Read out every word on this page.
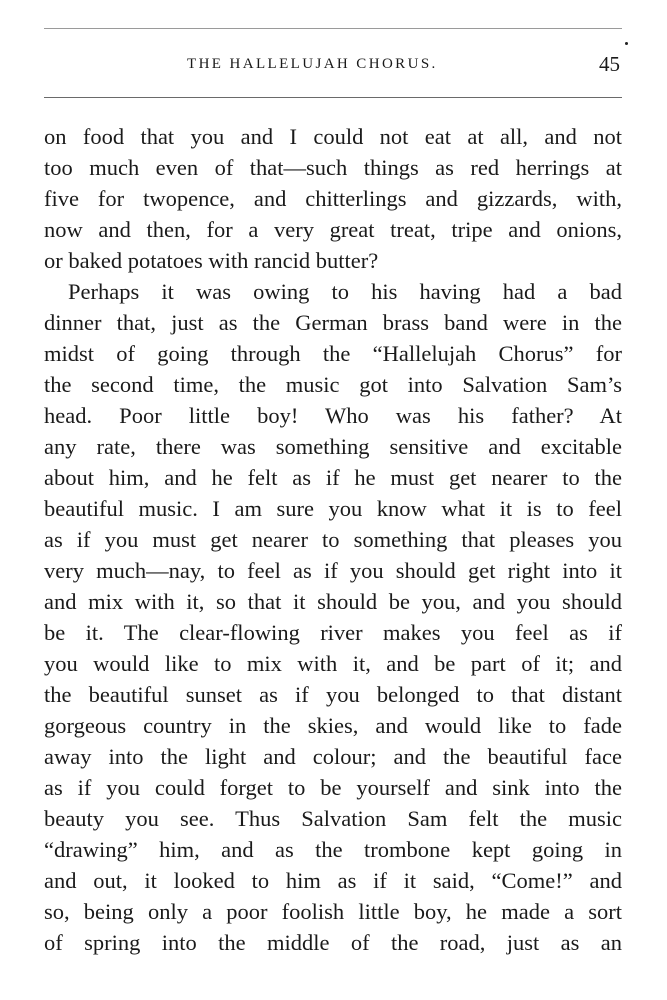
THE HALLELUJAH CHORUS.	45
on food that you and I could not eat at all, and not
too much even of that—such things as red herrings at
five for twopence, and chitterlings and gizzards, with,
now and then, for a very great treat, tripe and onions,
or baked potatoes with rancid butter?
Perhaps it was owing to his having had a bad
dinner that, just as the German brass band were in the
midst of going through the “Hallelujah Chorus” for
the second time, the music got into Salvation Sam’s
head. Poor little boy! Who was his father? At
any rate, there was something sensitive and excitable
about him, and he felt as if he must get nearer to the
beautiful music. I am sure you know what it is to feel
as if you must get nearer to something that pleases you
very much—nay, to feel as if you should get right into it
and mix with it, so that it should be you, and you should
be it. The clear-flowing river makes you feel as if
you would like to mix with it, and be part of it; and
the beautiful sunset as if you belonged to that distant
gorgeous country in the skies, and would like to fade
away into the light and colour; and the beautiful face
as if you could forget to be yourself and sink into the
beauty you see. Thus Salvation Sam felt the music
“drawing” him, and as the trombone kept going in
and out, it looked to him as if it said, “Come!” and
so, being only a poor foolish little boy, he made a sort
of spring into the middle of the road, just as an
